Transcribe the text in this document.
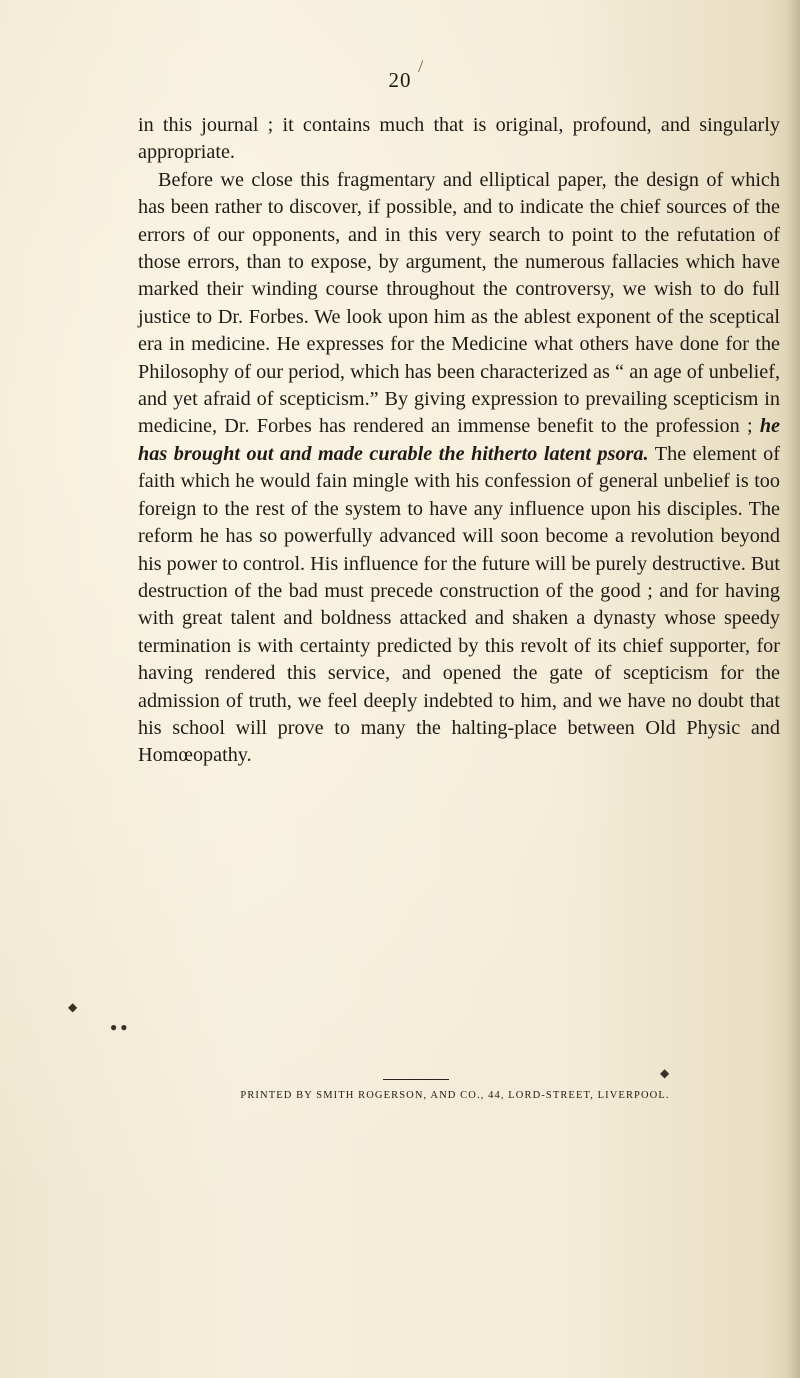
\
20

in this journal ; it contains much that is original, profound, and singularly appropriate.

Before we close this fragmentary and elliptical paper, the design of which has been rather to discover, if possible, and to indicate the chief sources of the errors of our opponents, and in this very search to point to the refutation of those errors, than to expose, by argument, the numerous fallacies which have marked their winding course throughout the controversy, we wish to do full justice to Dr. Forbes. We look upon him as the ablest exponent of the sceptical era in medicine. He expresses for the Medicine what others have done for the Philosophy of our period, which has been characterized as “ an age of unbelief, and yet afraid of scepticism.” By giving expression to prevailing scepticism in medicine, Dr. Forbes has rendered an immense benefit to the profession ; he has brought out and made curable the hitherto latent psora. The element of faith which he would fain mingle with his confession of general unbelief is too foreign to the rest of the system to have any influence upon his disciples. The reform he has so powerfully advanced will soon become a revolution beyond his power to control. His influence for the future will be purely destructive. But destruction of the bad must precede construction of the good ; and for having with great talent and boldness attacked and shaken a dynasty whose speedy termination is with certainty predicted by this revolt of its chief supporter, for having rendered this service, and opened the gate of scepticism for the admission of truth, we feel deeply indebted to him, and we have no doubt that his school will prove to many the halting-place between Old Physic and Homœopathy.

◆
●●
◆
PRINTED BY SMITH ROGERSON, AND CO., 44, LORD-STREET, LIVERPOOL.
